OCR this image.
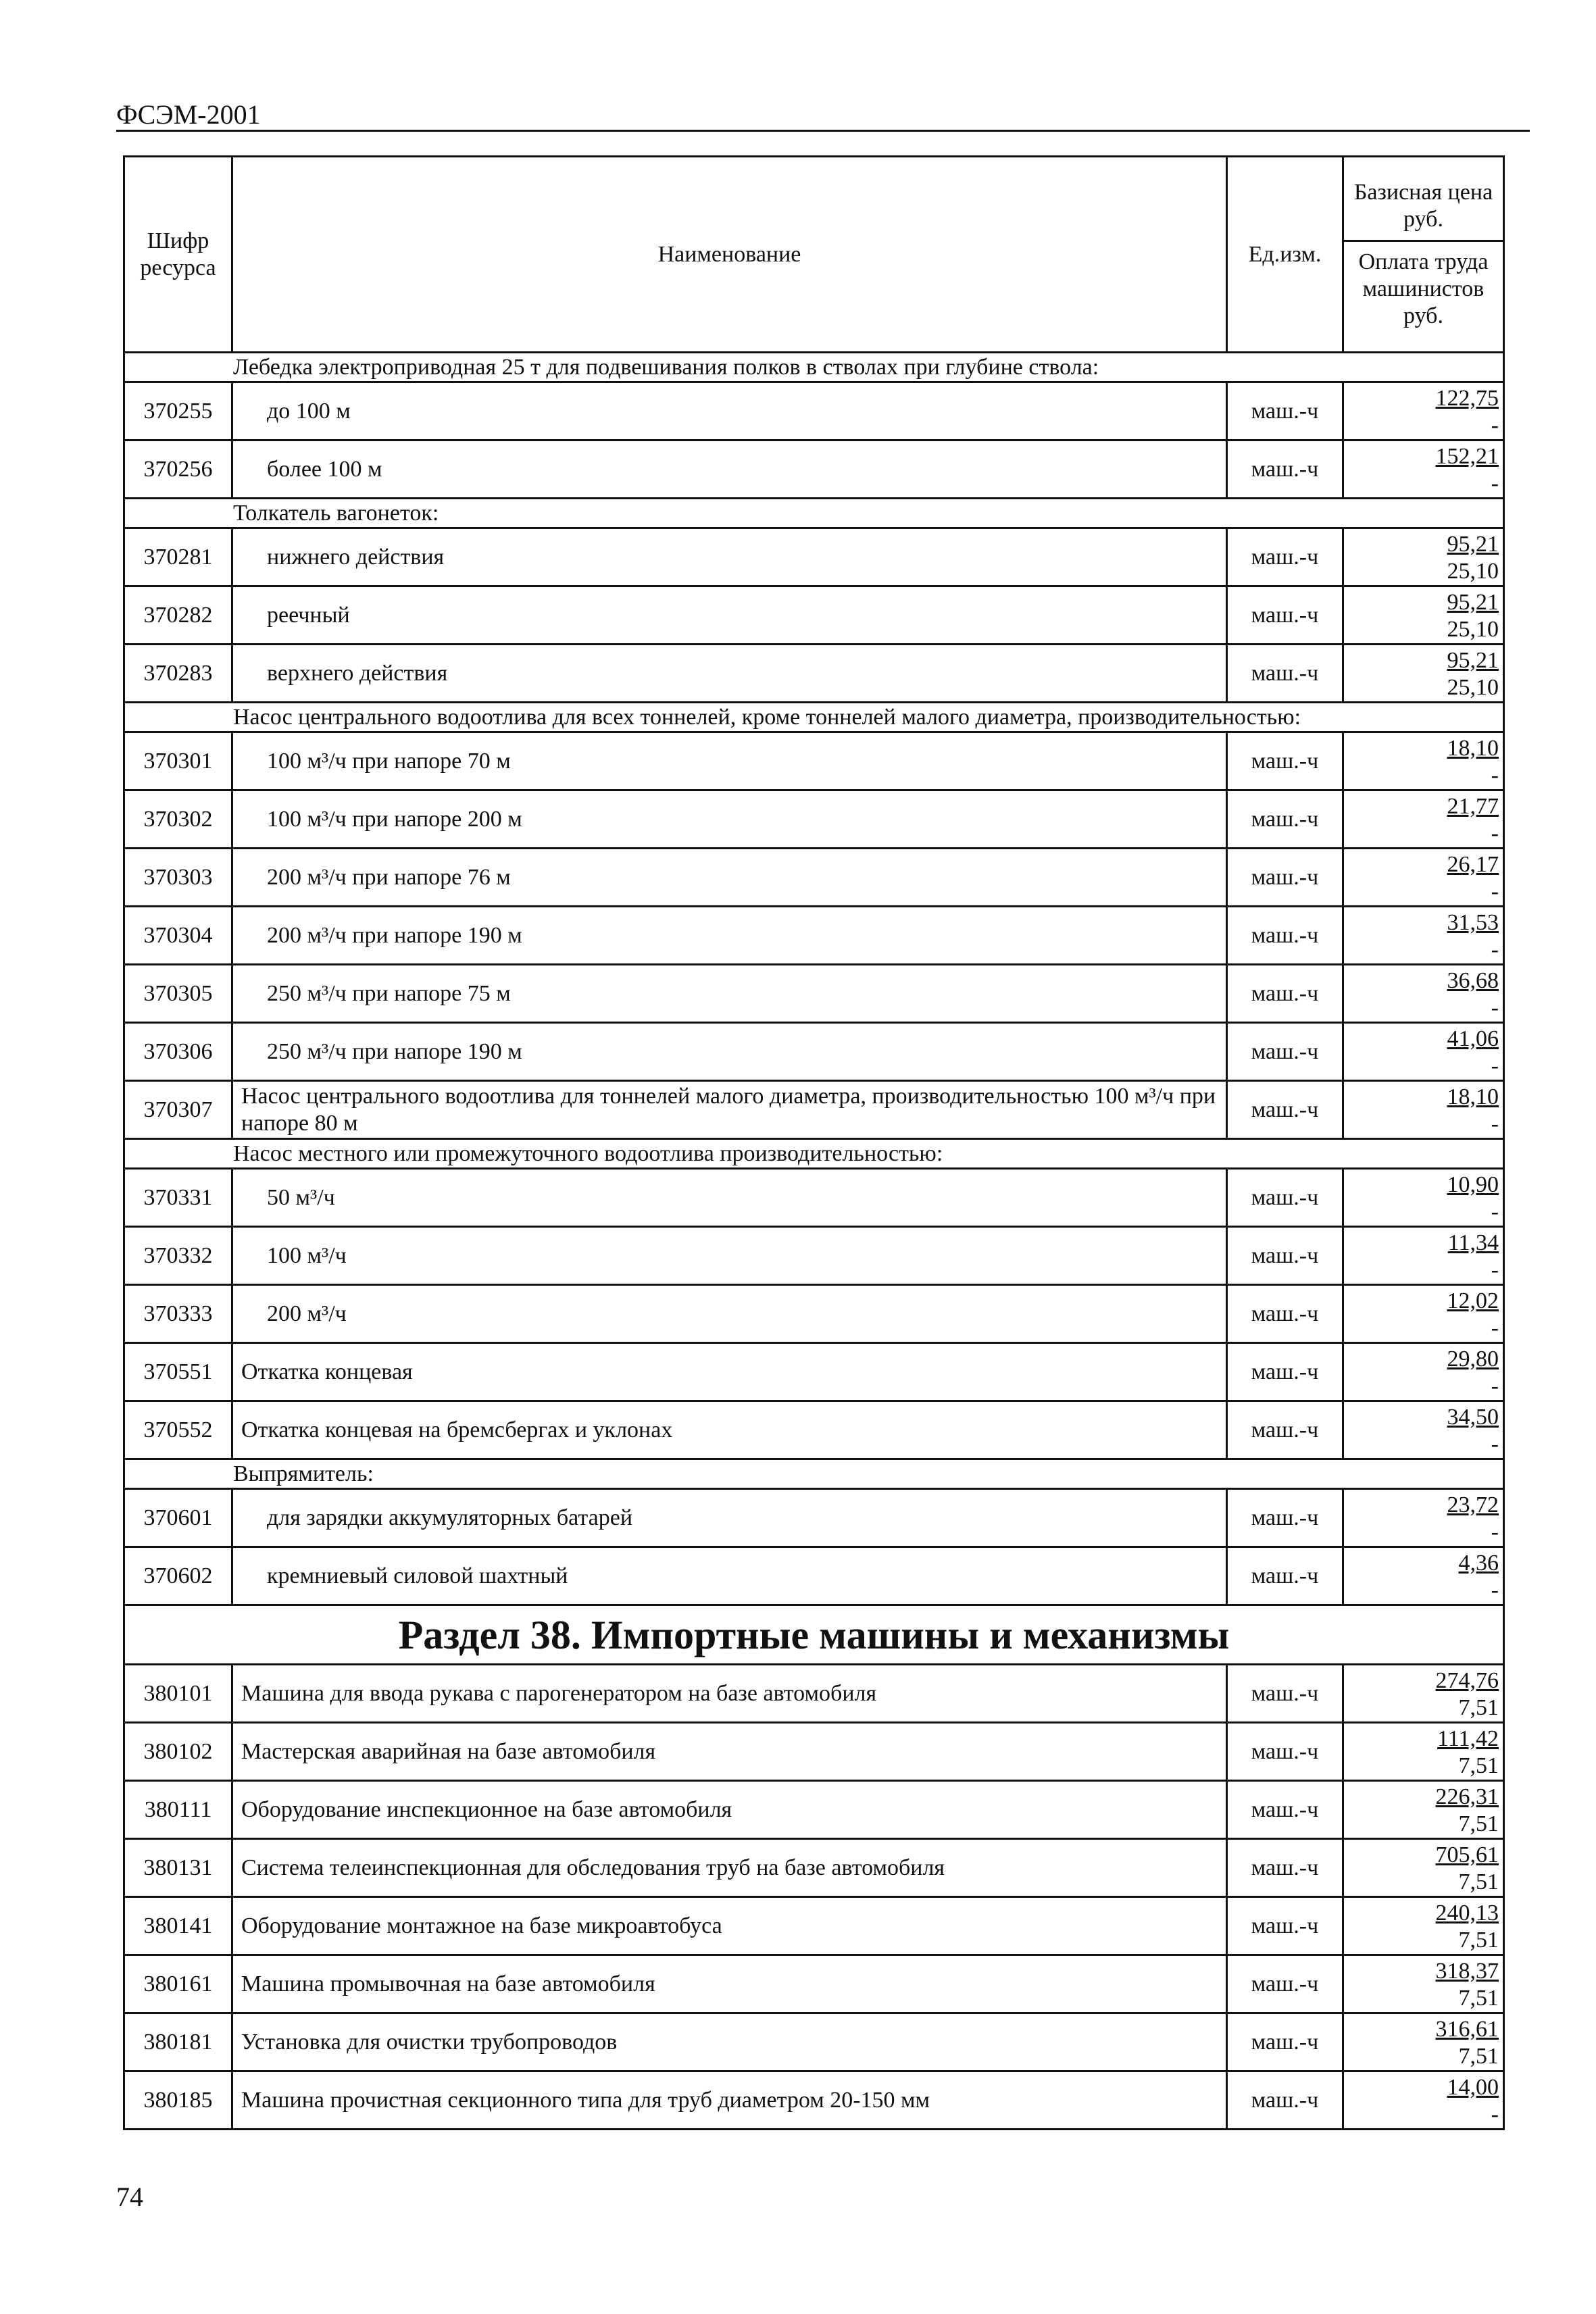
ФСЭМ-2001
Шифр ресурса	Наименование	Ед.изм.	Базисная цена руб.
Оплата труда машинистов руб.

Лебедка электроприводная 25 т для подвешивания полков в стволах при глубине ствола:			
370255	до 100 м	маш.-ч	122,75
-

370256	более 100 м	маш.-ч	152,21
-

Толкатель вагонеток:			
370281	нижнего действия	маш.-ч	95,21
25,10

370282	реечный	маш.-ч	95,21
25,10

370283	верхнего действия	маш.-ч	95,21
25,10

Насос центрального водоотлива для всех тоннелей, кроме тоннелей малого диаметра, производительностью:			
370301	100 м³/ч при напоре 70 м	маш.-ч	18,10
-

370302	100 м³/ч при напоре 200 м	маш.-ч	21,77
-

370303	200 м³/ч при напоре 76 м	маш.-ч	26,17
-

370304	200 м³/ч при напоре 190 м	маш.-ч	31,53
-

370305	250 м³/ч при напоре 75 м	маш.-ч	36,68
-

370306	250 м³/ч при напоре 190 м	маш.-ч	41,06
-

370307	Насос центрального водоотлива для тоннелей малого диаметра, производительностью 100 м³/ч при напоре 80 м	маш.-ч	18,10
-

Насос местного или промежуточного водоотлива производительностью:			
370331	50 м³/ч	маш.-ч	10,90
-

370332	100 м³/ч	маш.-ч	11,34
-

370333	200 м³/ч	маш.-ч	12,02
-

370551	Откатка концевая	маш.-ч	29,80
-

370552	Откатка концевая на бремсбергах и уклонах	маш.-ч	34,50
-

Выпрямитель:			
370601	для зарядки аккумуляторных батарей	маш.-ч	23,72
-

370602	кремниевый силовой шахтный	маш.-ч	4,36
-

Раздел 38. Импортные машины и механизмы			
380101	Машина для ввода рукава с парогенератором на базе автомобиля	маш.-ч	274,76
7,51

380102	Мастерская аварийная на базе автомобиля	маш.-ч	111,42
7,51

380111	Оборудование инспекционное на базе автомобиля	маш.-ч	226,31
7,51

380131	Система телеинспекционная для обследования труб на базе автомобиля	маш.-ч	705,61
7,51

380141	Оборудование монтажное на базе микроавтобуса	маш.-ч	240,13
7,51

380161	Машина промывочная на базе автомобиля	маш.-ч	318,37
7,51

380181	Установка для очистки трубопроводов	маш.-ч	316,61
7,51

380185	Машина прочистная секционного типа для труб диаметром 20-150 мм	маш.-ч	14,00
-
74
